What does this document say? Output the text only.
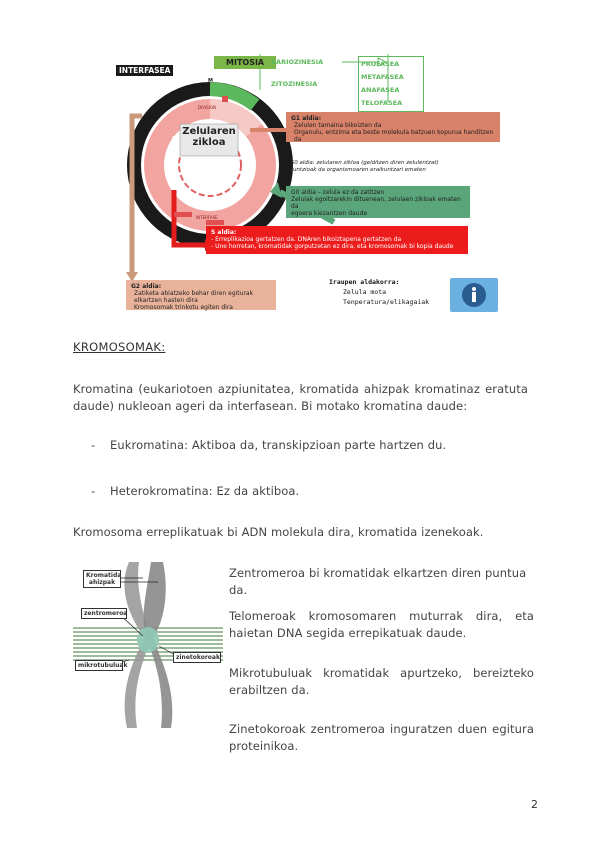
INTERFASEA
MITOSIA	KARIOZINESIA
ZITOZINESIA
PROFASEA
METAFASEA
ANAFASEA
TELOFASEA
Zelularen
zikloa
G1
S
G2
M
GO
INTERFASE
DIVISION
G1 aldia:
Zelulen tamaina bikoizten da
Organulu, entzima eta beste molekula batzuen kopurua handitzen da
G0 aldia: zelularen zikloa (gelditzen diren zelulentzat)
Funtzioak da organismoaren eraikuntzari ematen
G0 aldia – zelula ez da zatitzen
Zelulak egoitzarekin dituenean, zelulaen zikloak ematen da
egoera kiezantzen daude
S aldia:
- Erreplikazioa gertatzen da. DNAren bikoiztapena gertatzen da
- Une horretan, kromatidak gorputzetan ez dira, eta kromosomak bi kopia daude
G2 aldia:
Zatiketa abiatzeko behar diren egiturak elkartzen hasten dira
Kromosomak trinkotu egiten dira
Iraupen aldakorra:
Zelula mota
Tenperatura/elikagaiak
KROMOSOMAK:
Kromatina (eukariotoen azpiunitatea, kromatida ahizpak kromatinaz eratuta daude) nukleoan ageri da interfasean. Bi motako kromatina daude:
- Eukromatina: Aktiboa da, transkipzioan parte hartzen du.
- Heterokromatina: Ez da aktiboa.
Kromosoma erreplikatuak bi ADN molekula dira, kromatida izenekoak.
Kromatida ahizpak
zentromeroa
mikrotubuluak
zinetokoroak
Zentromeroa bi kromatidak elkartzen diren puntua da.
Telomeroak kromosomaren muturrak dira, eta haietan DNA segida errepikatuak daude.
Mikrotubuluak kromatidak apurtzeko, bereizteko erabiltzen da.
Zinetokoroak zentromeroa inguratzen duen egitura proteinikoa.
2
